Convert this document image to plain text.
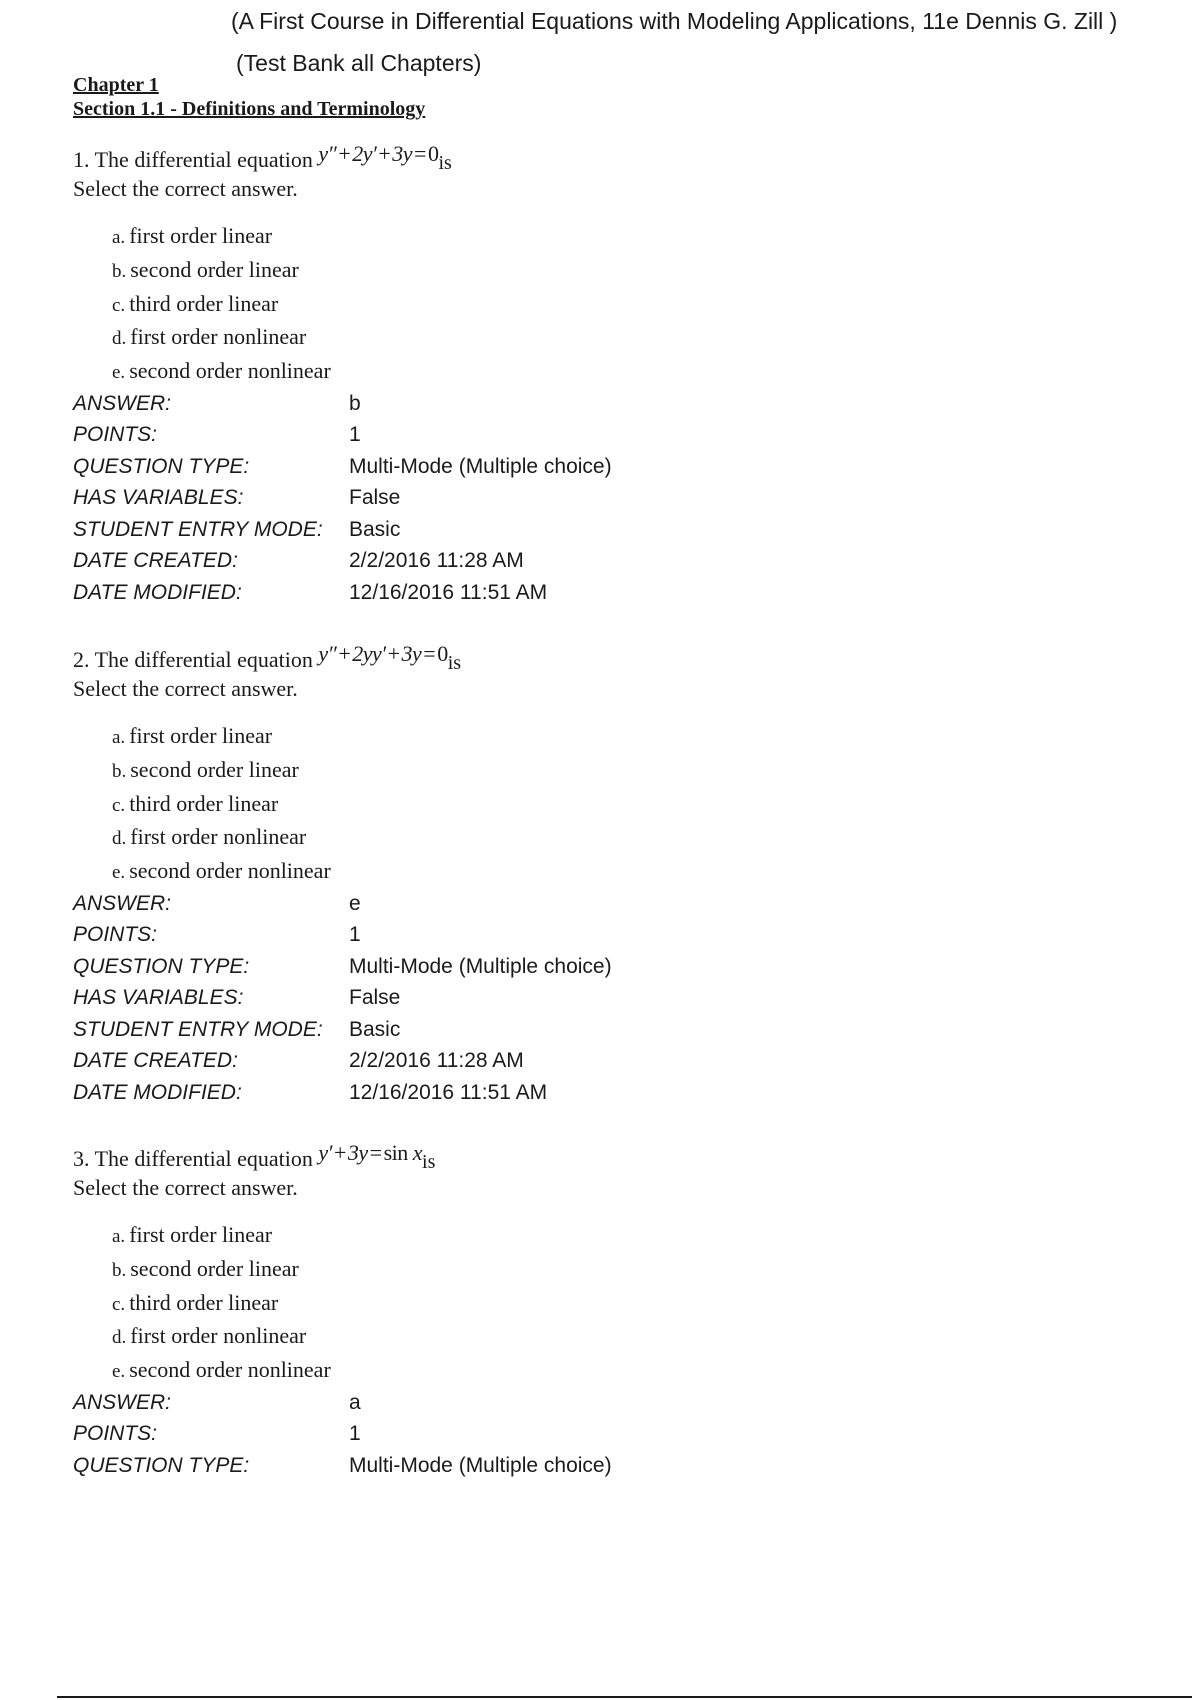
(A First Course in Differential Equations with Modeling Applications, 11e Dennis G. Zill )
(Test Bank all Chapters)
Chapter 1
Section 1.1 - Definitions and Terminology
1. The differential equation y″+2y′+3y=0is
Select the correct answer.
a. first order linear
b. second order linear
c. third order linear
d. first order nonlinear
e. second order nonlinear
ANSWER:	b
POINTS:	1
QUESTION TYPE:	Multi-Mode (Multiple choice)
HAS VARIABLES:	False
STUDENT ENTRY MODE: Basic
DATE CREATED:	2/2/2016 11:28 AM
DATE MODIFIED:	12/16/2016 11:51 AM
2. The differential equation y″+2yy′+3y=0is
Select the correct answer.
a. first order linear
b. second order linear
c. third order linear
d. first order nonlinear
e. second order nonlinear
ANSWER:	e
POINTS:	1
QUESTION TYPE:	Multi-Mode (Multiple choice)
HAS VARIABLES:	False
STUDENT ENTRY MODE: Basic
DATE CREATED:	2/2/2016 11:28 AM
DATE MODIFIED:	12/16/2016 11:51 AM
3. The differential equation y′+3y=sin xis
Select the correct answer.
a. first order linear
b. second order linear
c. third order linear
d. first order nonlinear
e. second order nonlinear
ANSWER:	a
POINTS:	1
QUESTION TYPE:	Multi-Mode (Multiple choice)
